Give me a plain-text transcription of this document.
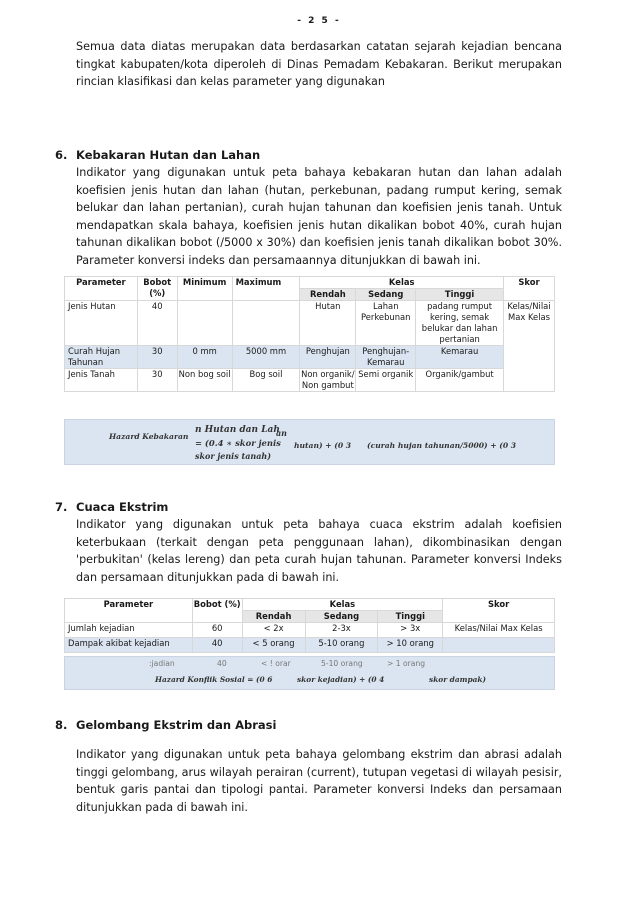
- 2 5 -

Semua data diatas merupakan data berdasarkan catatan sejarah kejadian bencana tingkat kabupaten/kota diperoleh di Dinas Pemadam Kebakaran. Berikut merupakan rincian klasifikasi dan kelas parameter yang digunakan

6. Kebakaran Hutan dan Lahan

Indikator yang digunakan untuk peta bahaya kebakaran hutan dan lahan adalah koefisien jenis hutan dan lahan (hutan, perkebunan, padang rumput kering, semak belukar dan lahan pertanian), curah hujan tahunan dan koefisien jenis tanah. Untuk mendapatkan skala bahaya, koefisien jenis hutan dikalikan bobot 40%, curah hujan tahunan dikalikan bobot (/5000 x 30%) dan koefisien jenis tanah dikalikan bobot 30%. Parameter konversi indeks dan persamaannya ditunjukkan di bawah ini.

Parameter	Bobot (%)	Minimum	Maximum	Kelas			Skor
				Rendah	Sedang	Tinggi	
Jenis Hutan	40			Hutan	Lahan Perkebunan	padang rumput kering, semak belukar dan lahan pertanian	Kelas/Nilai Max Kelas
Curah Hujan Tahunan	30	0 mm	5000 mm	Penghujan	Penghujan-Kemarau	Kemarau	
Jenis Tanah	30	Non bog soil	Bog soil	Non organik/ Non gambut	Semi organik	Organik/gambut	
Hazard Kebakaran
n Hutan dan Lah
an
= (0.4 ∗ skor jenis hutan) + (0 3 (curah hujan tahunan/5000) + (0 3
skor jenis tanah)
7. Cuaca Ekstrim

Indikator yang digunakan untuk peta bahaya cuaca ekstrim adalah koefisien keterbukaan (terkait dengan peta penggunaan lahan), dikombinasikan dengan 'perbukitan' (kelas lereng) dan peta curah hujan tahunan. Parameter konversi Indeks dan persamaan ditunjukkan pada di bawah ini.

Parameter	Bobot (%)	Kelas			Skor
		Rendah	Sedang	Tinggi	
Jumlah kejadian	60	< 2x	2-3x	> 3x	Kelas/Nilai Max Kelas
Dampak akibat kejadian	40	< 5 orang	5-10 orang	> 10 orang	
:jadian	40	< ! orar	5-10 orang	> 1 orang
Hazard Konflik Sosial = (0 6	skor kejadian) + (0 4	skor dampak)
8. Gelombang Ekstrim dan Abrasi

Indikator yang digunakan untuk peta bahaya gelombang ekstrim dan abrasi adalah tinggi gelombang, arus wilayah perairan (current), tutupan vegetasi di wilayah pesisir, bentuk garis pantai dan tipologi pantai. Parameter konversi Indeks dan persamaan ditunjukkan pada di bawah ini.
